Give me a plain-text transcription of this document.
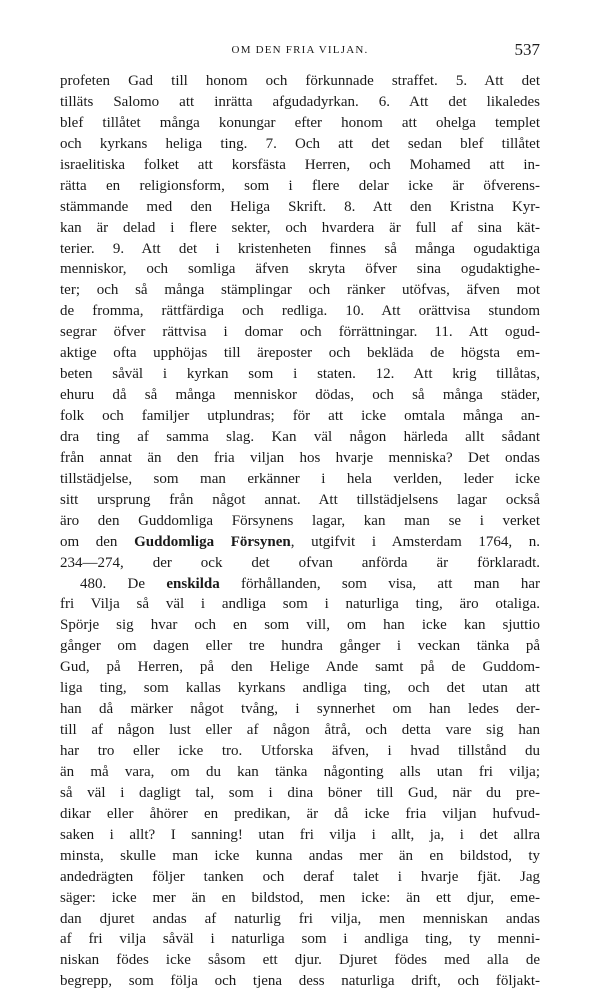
OM DEN FRIA VILJAN.	537
profeten Gad till honom och förkunnade straffet. 5. Att det
tilläts Salomo att inrätta afgudadyrkan. 6. Att det likaledes
blef tillåtet många konungar efter honom att ohelga templet
och kyrkans heliga ting. 7. Och att det sedan blef tillåtet
israelitiska folket att korsfästa Herren, och Mohamed att in-
rätta en religionsform, som i flere delar icke är öfverens-
stämmande med den Heliga Skrift. 8. Att den Kristna Kyr-
kan är delad i flere sekter, och hvardera är full af sina kät-
terier. 9. Att det i kristenheten finnes så många ogudaktiga
menniskor, och somliga äfven skryta öfver sina ogudaktighe-
ter; och så många stämplingar och ränker utöfvas, äfven mot
de fromma, rättfärdiga och redliga. 10. Att orättvisa stundom
segrar öfver rättvisa i domar och förrättningar. 11. Att ogud-
aktige ofta upphöjas till äreposter och bekläda de högsta em-
beten såväl i kyrkan som i staten. 12. Att krig tillåtas,
ehuru då så många menniskor dödas, och så många städer,
folk och familjer utplundras; för att icke omtala många an-
dra ting af samma slag. Kan väl någon härleda allt sådant
från annat än den fria viljan hos hvarje menniska? Det ondas
tillstädjelse, som man erkänner i hela verlden, leder icke
sitt ursprung från något annat. Att tillstädjelsens lagar också
äro den Guddomliga Försynens lagar, kan man se i verket
om den Guddomliga Försynen, utgifvit i Amsterdam 1764, n.
234—274, der ock det ofvan anförda är förklaradt.
480. De enskilda förhållanden, som visa, att man har
fri Vilja så väl i andliga som i naturliga ting, äro otaliga.
Spörje sig hvar och en som vill, om han icke kan sjuttio
gånger om dagen eller tre hundra gånger i veckan tänka på
Gud, på Herren, på den Helige Ande samt på de Guddom-
liga ting, som kallas kyrkans andliga ting, och det utan att
han då märker något tvång, i synnerhet om han ledes der-
till af någon lust eller af någon åtrå, och detta vare sig han
har tro eller icke tro. Utforska äfven, i hvad tillstånd du
än må vara, om du kan tänka någonting alls utan fri vilja;
så väl i dagligt tal, som i dina böner till Gud, när du pre-
dikar eller åhörer en predikan, är då icke fria viljan hufvud-
saken i allt? I sanning! utan fri vilja i allt, ja, i det allra
minsta, skulle man icke kunna andas mer än en bildstod, ty
andedrägten följer tanken och deraf talet i hvarje fjät. Jag
säger: icke mer än en bildstod, men icke: än ett djur, eme-
dan djuret andas af naturlig fri vilja, men menniskan andas
af fri vilja såväl i naturliga som i andliga ting, ty menni-
niskan födes icke såsom ett djur. Djuret födes med alla de
begrepp, som följa och tjena dess naturliga drift, och följakt-
